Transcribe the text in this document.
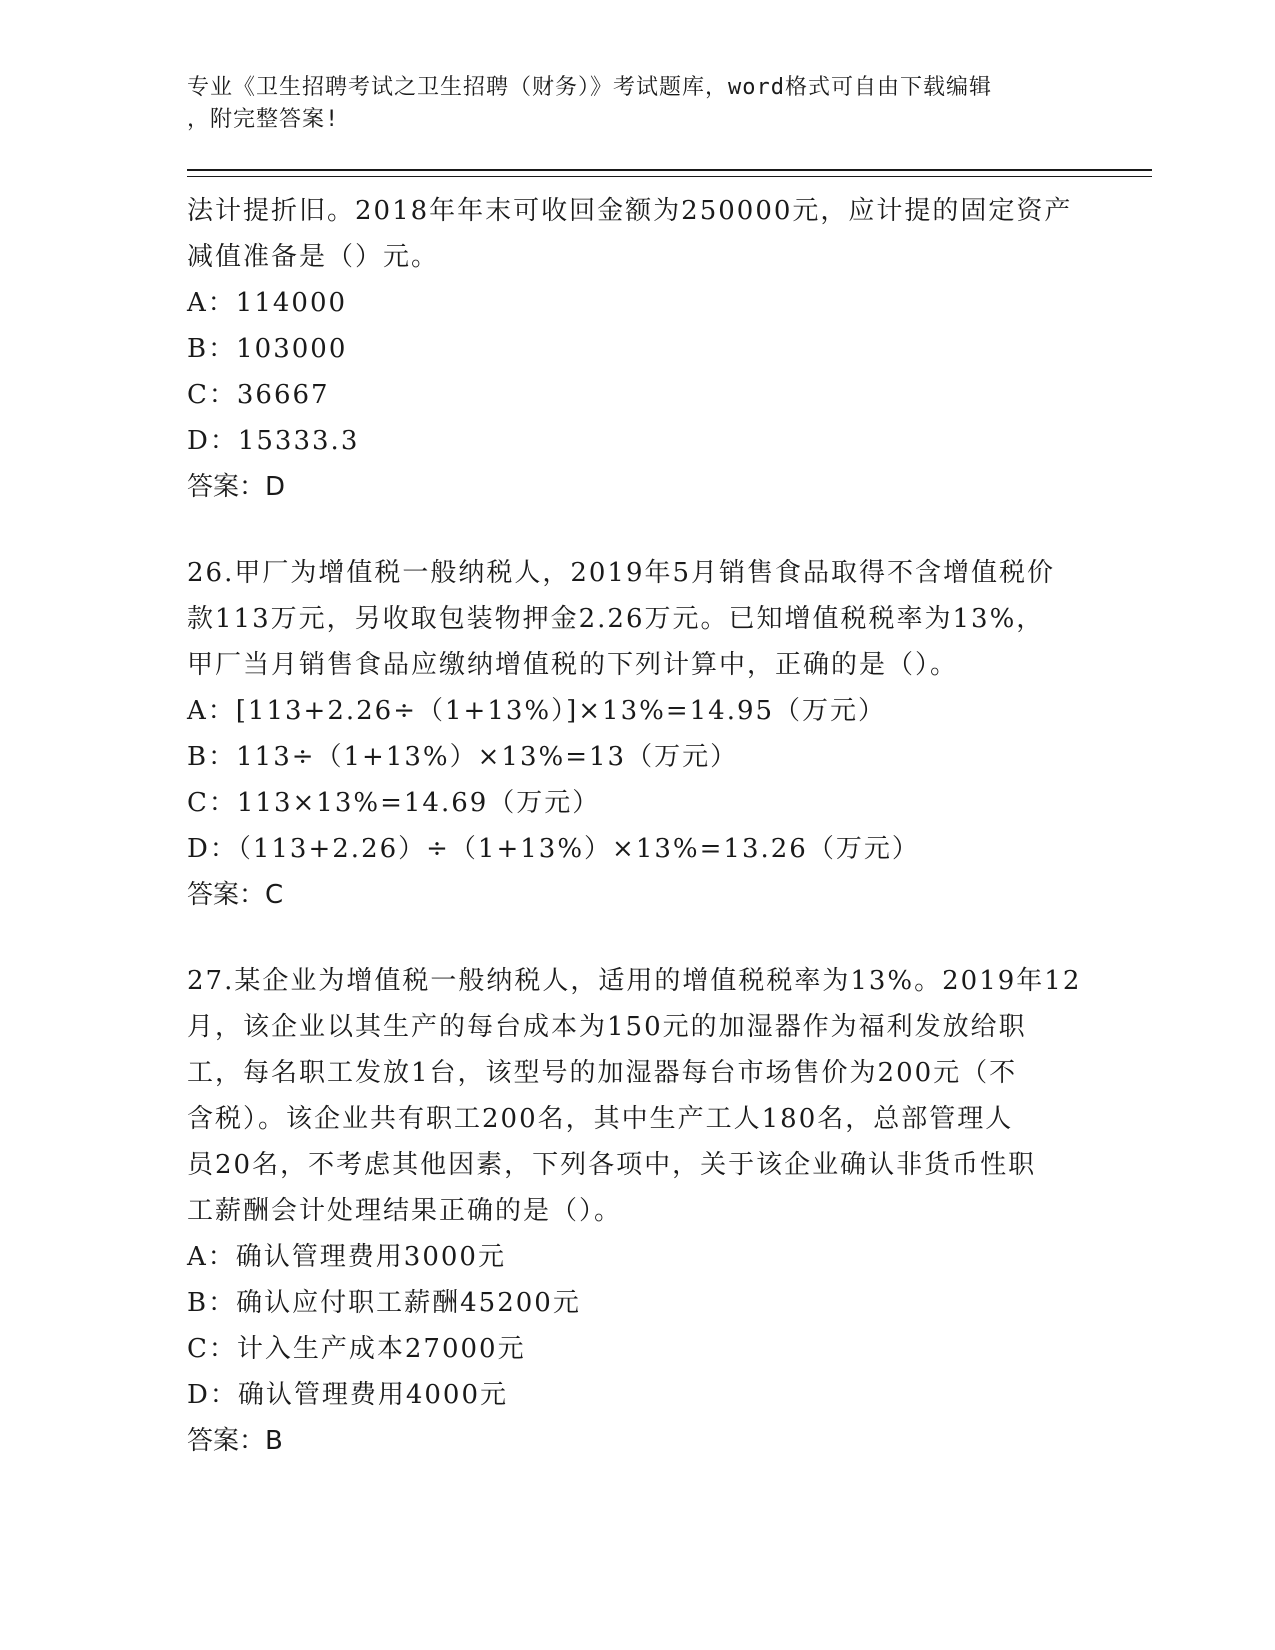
专业《卫生招聘考试之卫生招聘（财务）》考试题库，word格式可自由下载编辑
，附完整答案!
法计提折旧。2018年年末可收回金额为250000元，应计提的固定资产
减值准备是（）元。
A：114000
B：103000
C：36667
D：15333.3
答案：D
26.甲厂为增值税一般纳税人，2019年5月销售食品取得不含增值税价
款113万元，另收取包装物押金2.26万元。已知增值税税率为13%，
甲厂当月销售食品应缴纳增值税的下列计算中，正确的是（）。
A：[113+2.26÷（1+13%）]×13%=14.95（万元）
B：113÷（1+13%）×13%=13（万元）
C：113×13%=14.69（万元）
D：（113+2.26）÷（1+13%）×13%=13.26（万元）
答案：C
27.某企业为增值税一般纳税人，适用的增值税税率为13%。2019年12
月，该企业以其生产的每台成本为150元的加湿器作为福利发放给职
工，每名职工发放1台，该型号的加湿器每台市场售价为200元（不
含税）。该企业共有职工200名，其中生产工人180名，总部管理人
员20名，不考虑其他因素，下列各项中，关于该企业确认非货币性职
工薪酬会计处理结果正确的是（）。
A：确认管理费用3000元
B：确认应付职工薪酬45200元
C：计入生产成本27000元
D：确认管理费用4000元
答案：B
